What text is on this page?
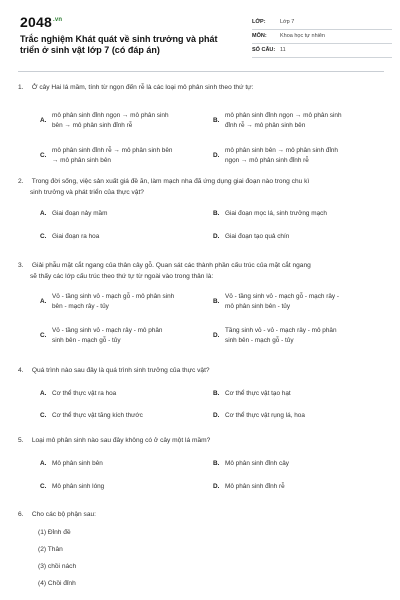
$2048^{.vn}$
Trắc nghiệm Khát quát về sinh trưởng và phát triển ở sinh vật lớp 7 (có đáp án)
LỚP:	Lớp 7
MÔN:	Khoa học tự nhiên
SỐ CÂU: 11
1. Ở cây Hai lá mầm, tính từ ngọn đến rễ là các loại mô phân sinh theo thứ tự:
A.
mô phân sinh đỉnh ngọn → mô phân sinh
bên → mô phân sinh đỉnh rễ
B.
mô phân sinh đỉnh ngọn → mô phân sinh
đỉnh rễ → mô phân sinh bên
C.
mô phân sinh đỉnh rễ → mô phân sinh bên
→ mô phân sinh bên
D.
mô phân sinh bên → mô phân sinh đỉnh
ngọn → mô phân sinh đỉnh rễ
2. Trong đời sống, việc sản xuất giá đề ăn, làm mạch nha đã ứng dụng giai đoạn nào trong chu kì
sinh trưởng và phát triển của thực vật?
A. Giai đoạn nảy mầm	B. Giai đoạn mọc lá, sinh trưởng mạch
C. Giai đoạn ra hoa	D. Giai đoạn tạo quả chín
3. Giải phẫu mặt cắt ngang của thân cây gỗ. Quan sát các thành phần cấu trúc của mặt cắt ngang
sẽ thấy các lớp cấu trúc theo thứ tự từ ngoài vào trong thân là:
A.
Vỏ - tầng sinh vỏ - mạch gỗ - mô phân sinh
bên - mạch rây - tủy
B.
Vỏ - tầng sinh vỏ - mạch gỗ - mạch rây -
mô phân sinh bên - tủy
C.
Vỏ - tầng sinh vỏ - mạch rây - mô phân
sinh bên - mạch gỗ - tủy
D.
Tầng sinh vỏ - vỏ - mạch rây - mô phân
sinh bên - mạch gỗ - tủy
4. Quá trình nào sau đây là quá trình sinh trưởng của thực vật?
A. Cơ thể thực vật ra hoa	B. Cơ thể thực vật tạo hạt
C. Cơ thể thực vật tăng kích thước	D. Cơ thể thực vật rụng lá, hoa
5. Loại mô phân sinh nào sau đây không có ở cây một lá mầm?
A. Mô phân sinh bên	B. Mô phân sinh đỉnh cây
C. Mô phân sinh lóng	D. Mô phân sinh đỉnh rễ
6. Cho các bộ phận sau:
(1) Đỉnh đề
(2) Thân
(3) chồi nách
(4) Chồi đỉnh
